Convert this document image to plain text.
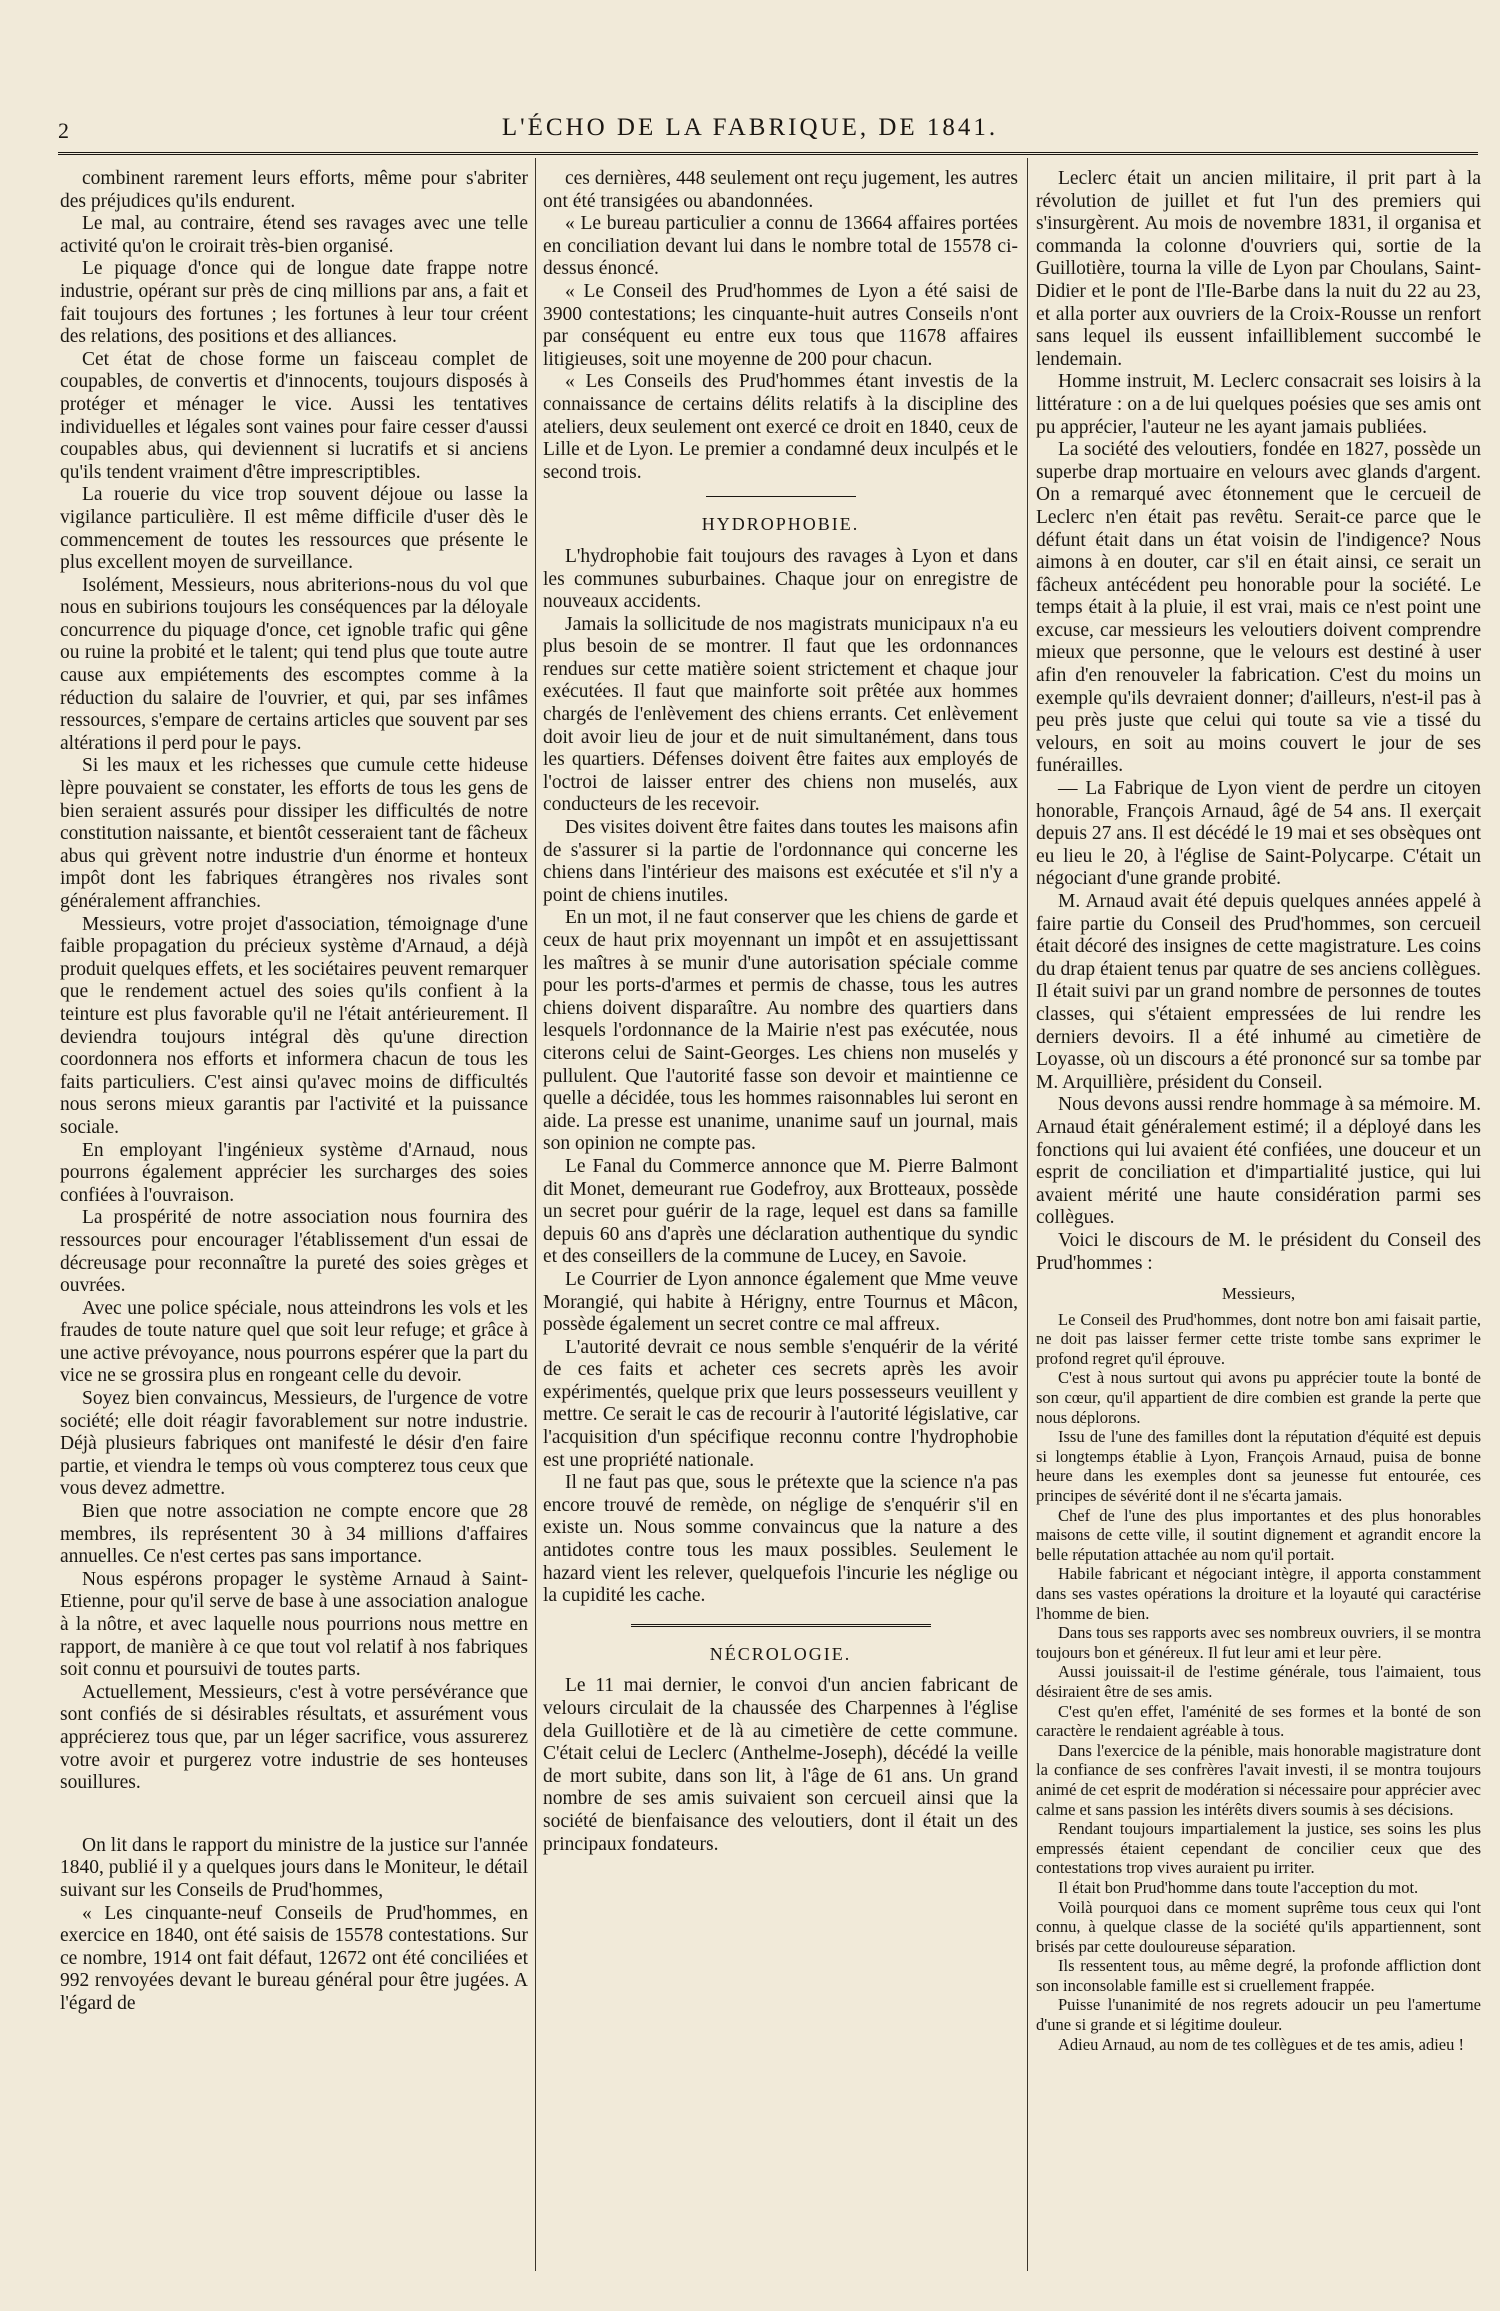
2	L'ÉCHO DE LA FABRIQUE, DE 1841.

combinent rarement leurs efforts, même pour s'abriter des préjudices qu'ils endurent.

Le mal, au contraire, étend ses ravages avec une telle activité qu'on le croirait très-bien organisé.

Le piquage d'once qui de longue date frappe notre industrie, opérant sur près de cinq millions par ans, a fait et fait toujours des fortunes ; les fortunes à leur tour créent des relations, des positions et des alliances.

Cet état de chose forme un faisceau complet de coupables, de convertis et d'innocents, toujours disposés à protéger et ménager le vice. Aussi les tentatives individuelles et légales sont vaines pour faire cesser d'aussi coupables abus, qui deviennent si lucratifs et si anciens qu'ils tendent vraiment d'être imprescriptibles.

La rouerie du vice trop souvent déjoue ou lasse la vigilance particulière. Il est même difficile d'user dès le commencement de toutes les ressources que présente le plus excellent moyen de surveillance.

Isolément, Messieurs, nous abriterions-nous du vol que nous en subirions toujours les conséquences par la déloyale concurrence du piquage d'once, cet ignoble trafic qui gêne ou ruine la probité et le talent; qui tend plus que toute autre cause aux empiétements des escomptes comme à la réduction du salaire de l'ouvrier, et qui, par ses infâmes ressources, s'empare de certains articles que souvent par ses altérations il perd pour le pays.

Si les maux et les richesses que cumule cette hideuse lèpre pouvaient se constater, les efforts de tous les gens de bien seraient assurés pour dissiper les difficultés de notre constitution naissante, et bientôt cesseraient tant de fâcheux abus qui grèvent notre industrie d'un énorme et honteux impôt dont les fabriques étrangères nos rivales sont généralement affranchies.

Messieurs, votre projet d'association, témoignage d'une faible propagation du précieux système d'Arnaud, a déjà produit quelques effets, et les sociétaires peuvent remarquer que le rendement actuel des soies qu'ils confient à la teinture est plus favorable qu'il ne l'était antérieurement. Il deviendra toujours intégral dès qu'une direction coordonnera nos efforts et informera chacun de tous les faits particuliers. C'est ainsi qu'avec moins de difficultés nous serons mieux garantis par l'activité et la puissance sociale.

En employant l'ingénieux système d'Arnaud, nous pourrons également apprécier les surcharges des soies confiées à l'ouvraison.

La prospérité de notre association nous fournira des ressources pour encourager l'établissement d'un essai de décreusage pour reconnaître la pureté des soies grèges et ouvrées.

Avec une police spéciale, nous atteindrons les vols et les fraudes de toute nature quel que soit leur refuge; et grâce à une active prévoyance, nous pourrons espérer que la part du vice ne se grossira plus en rongeant celle du devoir.

Soyez bien convaincus, Messieurs, de l'urgence de votre société; elle doit réagir favorablement sur notre industrie. Déjà plusieurs fabriques ont manifesté le désir d'en faire partie, et viendra le temps où vous compterez tous ceux que vous devez admettre.

Bien que notre association ne compte encore que 28 membres, ils représentent 30 à 34 millions d'affaires annuelles. Ce n'est certes pas sans importance.

Nous espérons propager le système Arnaud à Saint-Etienne, pour qu'il serve de base à une association analogue à la nôtre, et avec laquelle nous pourrions nous mettre en rapport, de manière à ce que tout vol relatif à nos fabriques soit connu et poursuivi de toutes parts.

Actuellement, Messieurs, c'est à votre persévérance que sont confiés de si désirables résultats, et assurément vous apprécierez tous que, par un léger sacrifice, vous assurerez votre avoir et purgerez votre industrie de ses honteuses souillures.

On lit dans le rapport du ministre de la justice sur l'année 1840, publié il y a quelques jours dans le Moniteur, le détail suivant sur les Conseils de Prud'hommes,

« Les cinquante-neuf Conseils de Prud'hommes, en exercice en 1840, ont été saisis de 15578 contestations. Sur ce nombre, 1914 ont fait défaut, 12672 ont été conciliées et 992 renvoyées devant le bureau général pour être jugées. A l'égard de

ces dernières, 448 seulement ont reçu jugement, les autres ont été transigées ou abandonnées.

« Le bureau particulier a connu de 13664 affaires portées en conciliation devant lui dans le nombre total de 15578 ci-dessus énoncé.

« Le Conseil des Prud'hommes de Lyon a été saisi de 3900 contestations; les cinquante-huit autres Conseils n'ont par conséquent eu entre eux tous que 11678 affaires litigieuses, soit une moyenne de 200 pour chacun.

« Les Conseils des Prud'hommes étant investis de la connaissance de certains délits relatifs à la discipline des ateliers, deux seulement ont exercé ce droit en 1840, ceux de Lille et de Lyon. Le premier a condamné deux inculpés et le second trois.

HYDROPHOBIE.

L'hydrophobie fait toujours des ravages à Lyon et dans les communes suburbaines. Chaque jour on enregistre de nouveaux accidents.

Jamais la sollicitude de nos magistrats municipaux n'a eu plus besoin de se montrer. Il faut que les ordonnances rendues sur cette matière soient strictement et chaque jour exécutées. Il faut que mainforte soit prêtée aux hommes chargés de l'enlèvement des chiens errants. Cet enlèvement doit avoir lieu de jour et de nuit simultanément, dans tous les quartiers. Défenses doivent être faites aux employés de l'octroi de laisser entrer des chiens non muselés, aux conducteurs de les recevoir.

Des visites doivent être faites dans toutes les maisons afin de s'assurer si la partie de l'ordonnance qui concerne les chiens dans l'intérieur des maisons est exécutée et s'il n'y a point de chiens inutiles.

En un mot, il ne faut conserver que les chiens de garde et ceux de haut prix moyennant un impôt et en assujettissant les maîtres à se munir d'une autorisation spéciale comme pour les ports-d'armes et permis de chasse, tous les autres chiens doivent disparaître. Au nombre des quartiers dans lesquels l'ordonnance de la Mairie n'est pas exécutée, nous citerons celui de Saint-Georges. Les chiens non muselés y pullulent. Que l'autorité fasse son devoir et maintienne ce quelle a décidée, tous les hommes raisonnables lui seront en aide. La presse est unanime, unanime sauf un journal, mais son opinion ne compte pas.

Le Fanal du Commerce annonce que M. Pierre Balmont dit Monet, demeurant rue Godefroy, aux Brotteaux, possède un secret pour guérir de la rage, lequel est dans sa famille depuis 60 ans d'après une déclaration authentique du syndic et des conseillers de la commune de Lucey, en Savoie.

Le Courrier de Lyon annonce également que Mme veuve Morangié, qui habite à Hérigny, entre Tournus et Mâcon, possède également un secret contre ce mal affreux.

L'autorité devrait ce nous semble s'enquérir de la vérité de ces faits et acheter ces secrets après les avoir expérimentés, quelque prix que leurs possesseurs veuillent y mettre. Ce serait le cas de recourir à l'autorité législative, car l'acquisition d'un spécifique reconnu contre l'hydrophobie est une propriété nationale.

Il ne faut pas que, sous le prétexte que la science n'a pas encore trouvé de remède, on néglige de s'enquérir s'il en existe un. Nous somme convaincus que la nature a des antidotes contre tous les maux possibles. Seulement le hazard vient les relever, quelquefois l'incurie les néglige ou la cupidité les cache.

NÉCROLOGIE.

Le 11 mai dernier, le convoi d'un ancien fabricant de velours circulait de la chaussée des Charpennes à l'église dela Guillotière et de là au cimetière de cette commune. C'était celui de Leclerc (Anthelme-Joseph), décédé la veille de mort subite, dans son lit, à l'âge de 61 ans. Un grand nombre de ses amis suivaient son cercueil ainsi que la société de bienfaisance des veloutiers, dont il était un des principaux fondateurs.

Leclerc était un ancien militaire, il prit part à la révolution de juillet et fut l'un des premiers qui s'insurgèrent. Au mois de novembre 1831, il organisa et commanda la colonne d'ouvriers qui, sortie de la Guillotière, tourna la ville de Lyon par Choulans, Saint-Didier et le pont de l'Ile-Barbe dans la nuit du 22 au 23, et alla porter aux ouvriers de la Croix-Rousse un renfort sans lequel ils eussent infailliblement succombé le lendemain.

Homme instruit, M. Leclerc consacrait ses loisirs à la littérature : on a de lui quelques poésies que ses amis ont pu apprécier, l'auteur ne les ayant jamais publiées.

La société des veloutiers, fondée en 1827, possède un superbe drap mortuaire en velours avec glands d'argent. On a remarqué avec étonnement que le cercueil de Leclerc n'en était pas revêtu. Serait-ce parce que le défunt était dans un état voisin de l'indigence? Nous aimons à en douter, car s'il en était ainsi, ce serait un fâcheux antécédent peu honorable pour la société. Le temps était à la pluie, il est vrai, mais ce n'est point une excuse, car messieurs les veloutiers doivent comprendre mieux que personne, que le velours est destiné à user afin d'en renouveler la fabrication. C'est du moins un exemple qu'ils devraient donner; d'ailleurs, n'est-il pas à peu près juste que celui qui toute sa vie a tissé du velours, en soit au moins couvert le jour de ses funérailles.

— La Fabrique de Lyon vient de perdre un citoyen honorable, François Arnaud, âgé de 54 ans. Il exerçait depuis 27 ans. Il est décédé le 19 mai et ses obsèques ont eu lieu le 20, à l'église de Saint-Polycarpe. C'était un négociant d'une grande probité.

M. Arnaud avait été depuis quelques années appelé à faire partie du Conseil des Prud'hommes, son cercueil était décoré des insignes de cette magistrature. Les coins du drap étaient tenus par quatre de ses anciens collègues. Il était suivi par un grand nombre de personnes de toutes classes, qui s'étaient empressées de lui rendre les derniers devoirs. Il a été inhumé au cimetière de Loyasse, où un discours a été prononcé sur sa tombe par M. Arquillière, président du Conseil.

Nous devons aussi rendre hommage à sa mémoire. M. Arnaud était généralement estimé; il a déployé dans les fonctions qui lui avaient été confiées, une douceur et un esprit de conciliation et d'impartialité justice, qui lui avaient mérité une haute considération parmi ses collègues.

Voici le discours de M. le président du Conseil des Prud'hommes :

Messieurs,

Le Conseil des Prud'hommes, dont notre bon ami faisait partie, ne doit pas laisser fermer cette triste tombe sans exprimer le profond regret qu'il éprouve.

C'est à nous surtout qui avons pu apprécier toute la bonté de son cœur, qu'il appartient de dire combien est grande la perte que nous déplorons.

Issu de l'une des familles dont la réputation d'équité est depuis si longtemps établie à Lyon, François Arnaud, puisa de bonne heure dans les exemples dont sa jeunesse fut entourée, ces principes de sévérité dont il ne s'écarta jamais.

Chef de l'une des plus importantes et des plus honorables maisons de cette ville, il soutint dignement et agrandit encore la belle réputation attachée au nom qu'il portait.

Habile fabricant et négociant intègre, il apporta constamment dans ses vastes opérations la droiture et la loyauté qui caractérise l'homme de bien.

Dans tous ses rapports avec ses nombreux ouvriers, il se montra toujours bon et généreux. Il fut leur ami et leur père.

Aussi jouissait-il de l'estime générale, tous l'aimaient, tous désiraient être de ses amis.

C'est qu'en effet, l'aménité de ses formes et la bonté de son caractère le rendaient agréable à tous.

Dans l'exercice de la pénible, mais honorable magistrature dont la confiance de ses confrères l'avait investi, il se montra toujours animé de cet esprit de modération si nécessaire pour apprécier avec calme et sans passion les intérêts divers soumis à ses décisions.

Rendant toujours impartialement la justice, ses soins les plus empressés étaient cependant de concilier ceux que des contestations trop vives auraient pu irriter.

Il était bon Prud'homme dans toute l'acception du mot.

Voilà pourquoi dans ce moment suprême tous ceux qui l'ont connu, à quelque classe de la société qu'ils appartiennent, sont brisés par cette douloureuse séparation.

Ils ressentent tous, au même degré, la profonde affliction dont son inconsolable famille est si cruellement frappée.

Puisse l'unanimité de nos regrets adoucir un peu l'amertume d'une si grande et si légitime douleur.

Adieu Arnaud, au nom de tes collègues et de tes amis, adieu !
